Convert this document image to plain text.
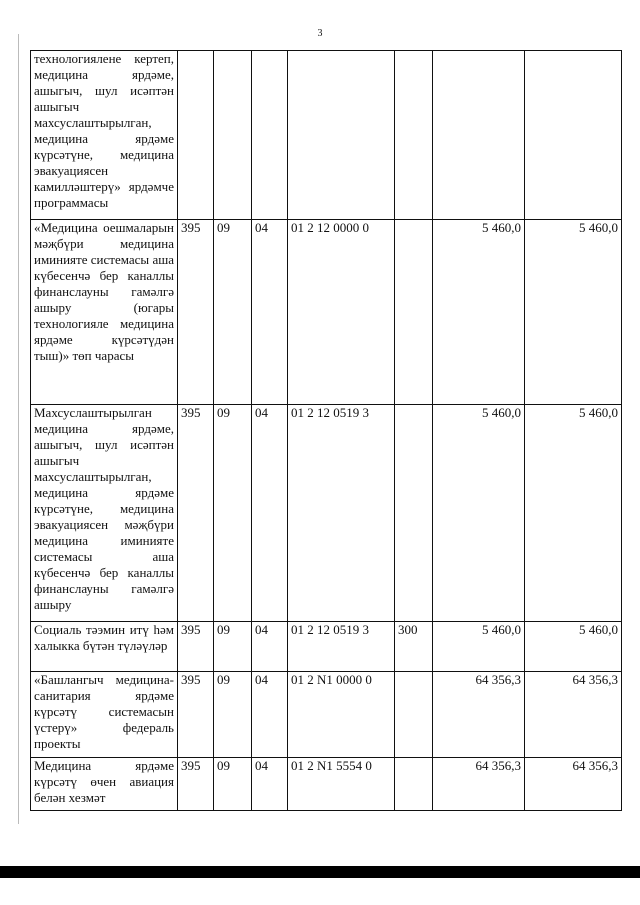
3
технологиялене кертеп, медицина ярдәме, ашыгыч, шул исәптән ашыгыч махсуслаштырылган, медицина ярдәме күрсәтүне, медицина эвакуациясен камилләштерү» ярдәмче программасы							
«Медицина оешмаларын мәҗбүри медицина иминияте системасы аша күбесенчә бер каналлы финанслауны гамәлгә ашыру (югары технологияле медицина ярдәме күрсәтүдән тыш)» төп чарасы	395	09	04	01 2 12 0000 0		5 460,0	5 460,0
Махсуслаштырылган медицина ярдәме, ашыгыч, шул исәптән ашыгыч махсуслаштырылган, медицина ярдәме күрсәтүне, медицина эвакуациясен мәҗбүри медицина иминияте системасы аша күбесенчә бер каналлы финанслауны гамәлгә ашыру	395	09	04	01 2 12 0519 3		5 460,0	5 460,0
Социаль тәэмин итү һәм халыкка бүтән түләүләр	395	09	04	01 2 12 0519 3	300	5 460,0	5 460,0
«Башлангыч медицина-санитария ярдәме күрсәтү системасын үстерү» федераль проекты	395	09	04	01 2 N1 0000 0		64 356,3	64 356,3
Медицина ярдәме күрсәтү өчен авиация белән хезмәт	395	09	04	01 2 N1 5554 0		64 356,3	64 356,3
